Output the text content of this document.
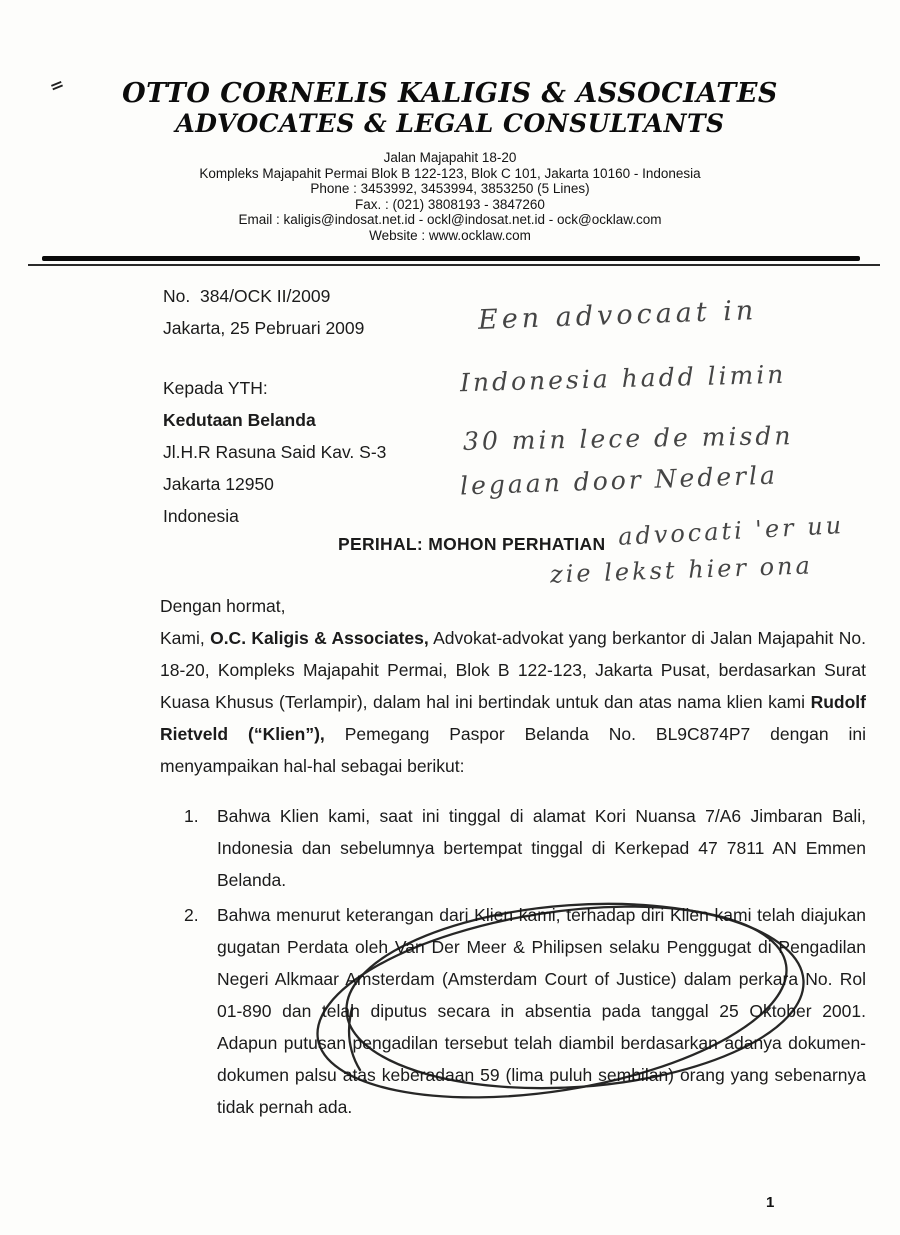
OTTO CORNELIS KALIGIS & ASSOCIATES
ADVOCATES & LEGAL CONSULTANTS
Jalan Majapahit 18-20
Kompleks Majapahit Permai Blok B 122-123, Blok C 101, Jakarta 10160 - Indonesia
Phone : 3453992, 3453994, 3853250 (5 Lines)
Fax. : (021) 3808193 - 3847260
Email : kaligis@indosat.net.id - ockl@indosat.net.id - ock@ocklaw.com
Website : www.ocklaw.com
No.  384/OCK II/2009
Jakarta, 25 Pebruari 2009
Kepada YTH:
Kedutaan Belanda
Jl.H.R Rasuna Said Kav. S-3
Jakarta 12950
Indonesia
PERIHAL: MOHON PERHATIAN
Dengan hormat,
Kami, O.C. Kaligis & Associates, Advokat-advokat yang berkantor di Jalan Majapahit No. 18-20, Kompleks Majapahit Permai, Blok B 122-123, Jakarta Pusat, berdasarkan Surat Kuasa Khusus (Terlampir), dalam hal ini bertindak untuk dan atas nama klien kami Rudolf Rietveld (“Klien”), Pemegang Paspor Belanda No. BL9C874P7 dengan ini menyampaikan hal-hal sebagai berikut:
1.	Bahwa Klien kami, saat ini tinggal di alamat Kori Nuansa 7/A6 Jimbaran Bali, Indonesia dan sebelumnya bertempat tinggal di Kerkepad 47 7811 AN Emmen Belanda.
2.	Bahwa menurut keterangan dari Klien kami, terhadap diri Klien kami telah diajukan gugatan Perdata oleh Van Der Meer & Philipsen selaku Penggugat di Pengadilan Negeri Alkmaar Amsterdam (Amsterdam Court of Justice) dalam perkara No. Rol 01-890 dan telah diputus secara in absentia pada tanggal 25 Oktober 2001. Adapun putusan pengadilan tersebut telah diambil berdasarkan adanya dokumen-dokumen palsu atas keberadaan 59 (lima puluh sembilan) orang yang sebenarnya tidak pernah ada.
=
Een advocaat in
Indonesia hadd limin
30 min lece de misdn
legaan door Nederla
advocati 'er uu
zie lekst hier ona
1
